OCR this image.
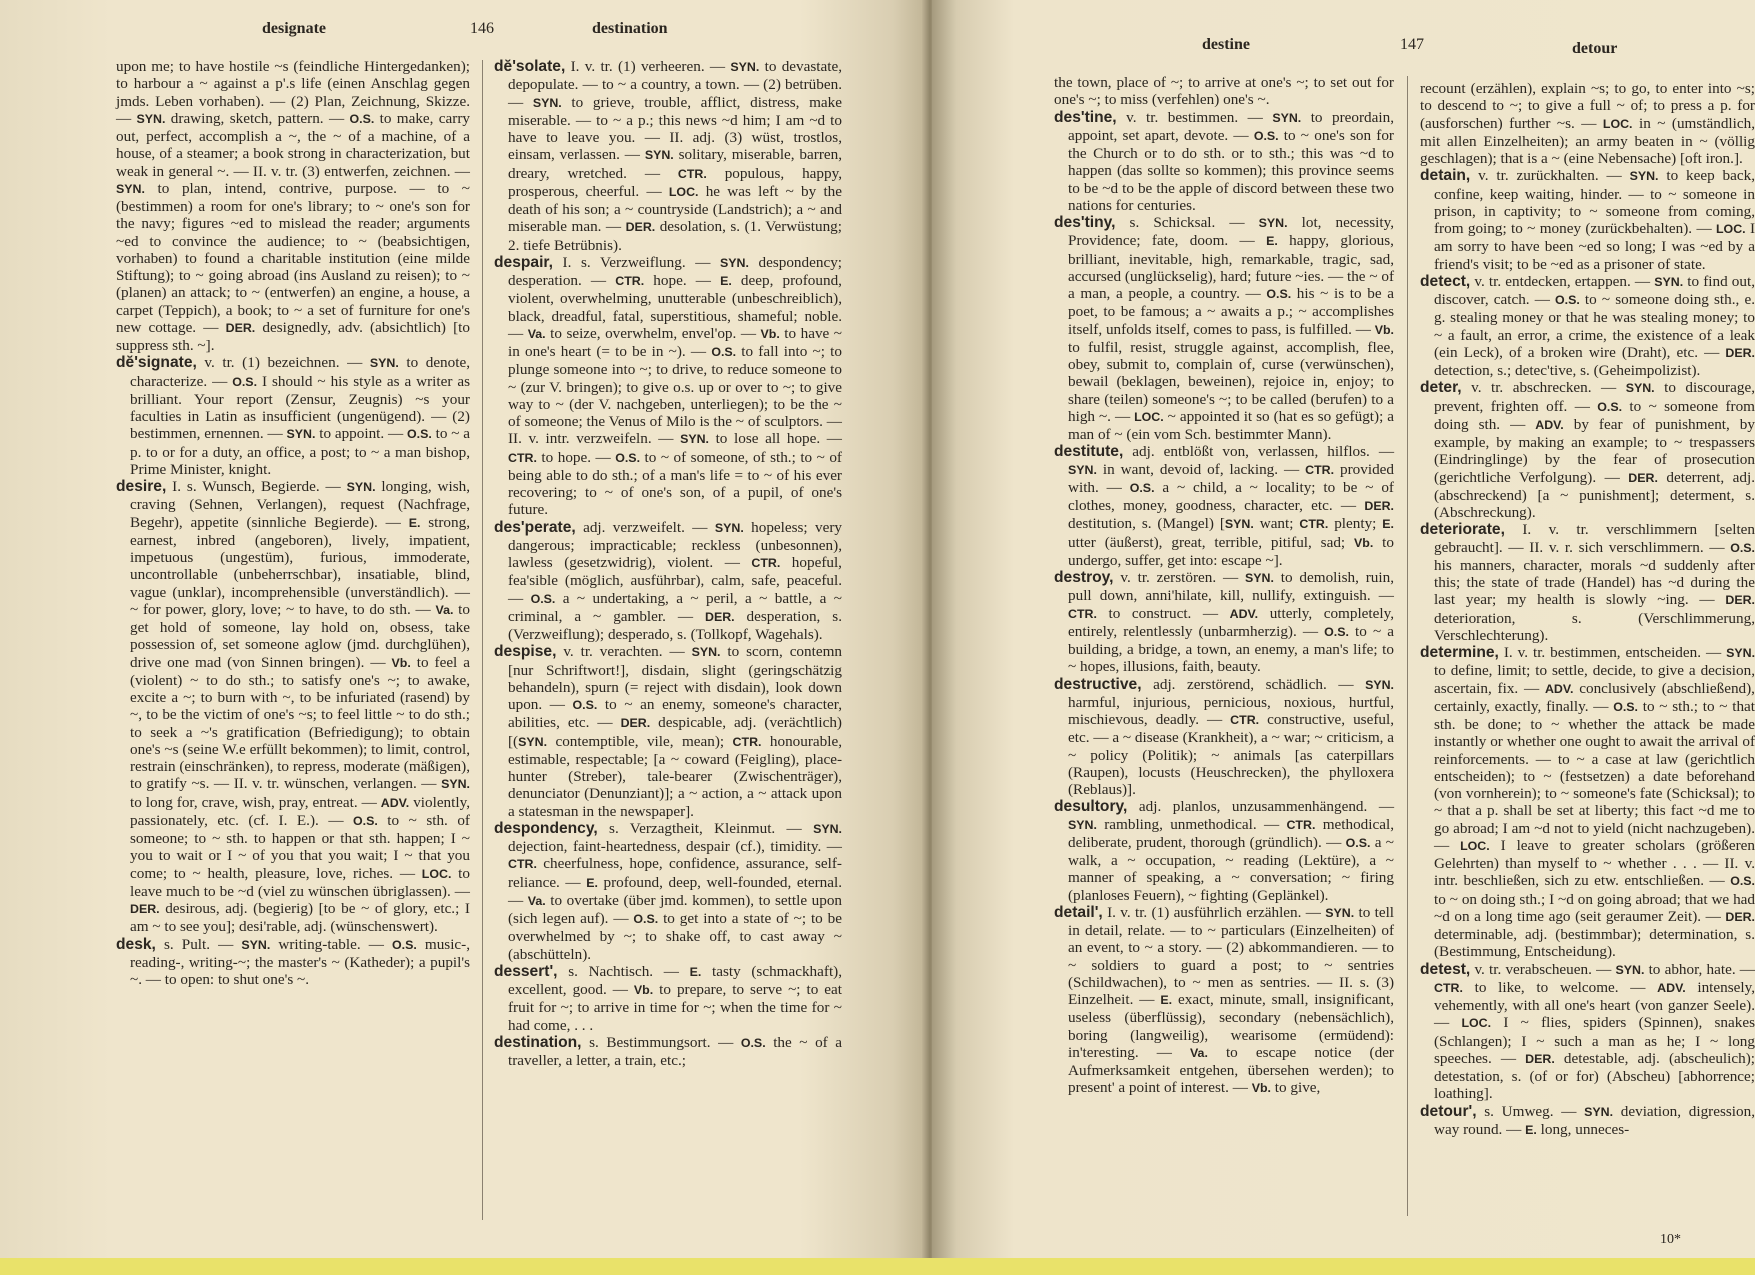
designate	146	destination

upon me; to have hostile ~s (feindliche Hintergedanken); to harbour a ~ against a p'.s life (einen Anschlag gegen jmds. Leben vorhaben). — (2) Plan, Zeichnung, Skizze. — SYN. drawing, sketch, pattern. — O.S. to make, carry out, perfect, accomplish a ~, the ~ of a machine, of a house, of a steamer; a book strong in characterization, but weak in general ~. — II. v. tr. (3) entwerfen, zeichnen. — SYN. to plan, intend, contrive, purpose. — to ~ (bestimmen) a room for one's library; to ~ one's son for the navy; figures ~ed to mislead the reader; arguments ~ed to convince the audience; to ~ (beabsichtigen, vorhaben) to found a charitable institution (eine milde Stiftung); to ~ going abroad (ins Ausland zu reisen); to ~ (planen) an attack; to ~ (entwerfen) an engine, a house, a carpet (Teppich), a book; to ~ a set of furniture for one's new cottage. — DER. designedly, adv. (absichtlich) [to suppress sth. ~].

dĕ'signate, v. tr. (1) bezeichnen. — SYN. to denote, characterize. — O.S. I should ~ his style as a writer as brilliant. Your report (Zensur, Zeugnis) ~s your faculties in Latin as insufficient (ungenügend). — (2) bestimmen, ernennen. — SYN. to appoint. — O.S. to ~ a p. to or for a duty, an office, a post; to ~ a man bishop, Prime Minister, knight.

desire, I. s. Wunsch, Begierde. — SYN. longing, wish, craving (Sehnen, Verlangen), request (Nachfrage, Begehr), appetite (sinnliche Begierde). — E. strong, earnest, inbred (angeboren), lively, impatient, impetuous (ungestüm), furious, immoderate, uncontrollable (unbeherrschbar), insatiable, blind, vague (unklar), incomprehensible (unverständlich). — ~ for power, glory, love; ~ to have, to do sth. — Va. to get hold of someone, lay hold on, obsess, take possession of, set someone aglow (jmd. durchglühen), drive one mad (von Sinnen bringen). — Vb. to feel a (violent) ~ to do sth.; to satisfy one's ~; to awake, excite a ~; to burn with ~, to be infuriated (rasend) by ~, to be the victim of one's ~s; to feel little ~ to do sth.; to seek a ~'s gratification (Befriedigung); to obtain one's ~s (seine W.e erfüllt bekommen); to limit, control, restrain (einschränken), to repress, moderate (mäßigen), to gratify ~s. — II. v. tr. wünschen, verlangen. — SYN. to long for, crave, wish, pray, entreat. — ADV. violently, passionately, etc. (cf. I. E.). — O.S. to ~ sth. of someone; to ~ sth. to happen or that sth. happen; I ~ you to wait or I ~ of you that you wait; I ~ that you come; to ~ health, pleasure, love, riches. — LOC. to leave much to be ~d (viel zu wünschen übriglassen). — DER. desirous, adj. (begierig) [to be ~ of glory, etc.; I am ~ to see you]; desi'rable, adj. (wünschenswert).

desk, s. Pult. — SYN. writing-table. — O.S. music-, reading-, writing-~; the master's ~ (Katheder); a pupil's ~. — to open: to shut one's ~.

dĕ'solate, I. v. tr. (1) verheeren. — SYN. to devastate, depopulate. — to ~ a country, a town. — (2) betrüben. — SYN. to grieve, trouble, afflict, distress, make miserable. — to ~ a p.; this news ~d him; I am ~d to have to leave you. — II. adj. (3) wüst, trostlos, einsam, verlassen. — SYN. solitary, miserable, barren, dreary, wretched. — CTR. populous, happy, prosperous, cheerful. — LOC. he was left ~ by the death of his son; a ~ countryside (Landstrich); a ~ and miserable man. — DER. desolation, s. (1. Verwüstung; 2. tiefe Betrübnis).

despair, I. s. Verzweiflung. — SYN. despondency; desperation. — CTR. hope. — E. deep, profound, violent, overwhelming, unutterable (unbeschreiblich), black, dreadful, fatal, superstitious, shameful; noble. — Va. to seize, overwhelm, envel'op. — Vb. to have ~ in one's heart (= to be in ~). — O.S. to fall into ~; to plunge someone into ~; to drive, to reduce someone to ~ (zur V. bringen); to give o.s. up or over to ~; to give way to ~ (der V. nachgeben, unterliegen); to be the ~ of someone; the Venus of Milo is the ~ of sculptors. — II. v. intr. verzweifeln. — SYN. to lose all hope. — CTR. to hope. — O.S. to ~ of someone, of sth.; to ~ of being able to do sth.; of a man's life = to ~ of his ever recovering; to ~ of one's son, of a pupil, of one's future.

des'perate, adj. verzweifelt. — SYN. hopeless; very dangerous; impracticable; reckless (unbesonnen), lawless (gesetzwidrig), violent. — CTR. hopeful, fea'sible (möglich, ausführbar), calm, safe, peaceful. — O.S. a ~ undertaking, a ~ peril, a ~ battle, a ~ criminal, a ~ gambler. — DER. desperation, s. (Verzweiflung); desperado, s. (Tollkopf, Wagehals).

despise, v. tr. verachten. — SYN. to scorn, contemn [nur Schriftwort!], disdain, slight (geringschätzig behandeln), spurn (= reject with disdain), look down upon. — O.S. to ~ an enemy, someone's character, abilities, etc. — DER. despicable, adj. (verächtlich) [(SYN. contemptible, vile, mean); CTR. honourable, estimable, respectable; [a ~ coward (Feigling), place-hunter (Streber), tale-bearer (Zwischenträger), denunciator (Denunziant)]; a ~ action, a ~ attack upon a statesman in the newspaper].

despondency, s. Verzagtheit, Kleinmut. — SYN. dejection, faint-heartedness, despair (cf.), timidity. — CTR. cheerfulness, hope, confidence, assurance, self-reliance. — E. profound, deep, well-founded, eternal. — Va. to overtake (über jmd. kommen), to settle upon (sich legen auf). — O.S. to get into a state of ~; to be overwhelmed by ~; to shake off, to cast away ~ (abschütteln).

dessert', s. Nachtisch. — E. tasty (schmackhaft), excellent, good. — Vb. to prepare, to serve ~; to eat fruit for ~; to arrive in time for ~; when the time for ~ had come, . . .

destination, s. Bestimmungsort. — O.S. the ~ of a traveller, a letter, a train, etc.;

destine	147	detour

the town, place of ~; to arrive at one's ~; to set out for one's ~; to miss (verfehlen) one's ~.

des'tine, v. tr. bestimmen. — SYN. to preordain, appoint, set apart, devote. — O.S. to ~ one's son for the Church or to do sth. or to sth.; this was ~d to happen (das sollte so kommen); this province seems to be ~d to be the apple of discord between these two nations for centuries.

des'tiny, s. Schicksal. — SYN. lot, necessity, Providence; fate, doom. — E. happy, glorious, brilliant, inevitable, high, remarkable, tragic, sad, accursed (unglückselig), hard; future ~ies. — the ~ of a man, a people, a country. — O.S. his ~ is to be a poet, to be famous; a ~ awaits a p.; ~ accomplishes itself, unfolds itself, comes to pass, is fulfilled. — Vb. to fulfil, resist, struggle against, accomplish, flee, obey, submit to, complain of, curse (verwünschen), bewail (beklagen, beweinen), rejoice in, enjoy; to share (teilen) someone's ~; to be called (berufen) to a high ~. — LOC. ~ appointed it so (hat es so gefügt); a man of ~ (ein vom Sch. bestimmter Mann).

destitute, adj. entblößt von, verlassen, hilflos. — SYN. in want, devoid of, lacking. — CTR. provided with. — O.S. a ~ child, a ~ locality; to be ~ of clothes, money, goodness, character, etc. — DER. destitution, s. (Mangel) [SYN. want; CTR. plenty; E. utter (äußerst), great, terrible, pitiful, sad; Vb. to undergo, suffer, get into: escape ~].

destroy, v. tr. zerstören. — SYN. to demolish, ruin, pull down, anni'hilate, kill, nullify, extinguish. — CTR. to construct. — ADV. utterly, completely, entirely, relentlessly (unbarmherzig). — O.S. to ~ a building, a bridge, a town, an enemy, a man's life; to ~ hopes, illusions, faith, beauty.

destructive, adj. zerstörend, schädlich. — SYN. harmful, injurious, pernicious, noxious, hurtful, mischievous, deadly. — CTR. constructive, useful, etc. — a ~ disease (Krankheit), a ~ war; ~ criticism, a ~ policy (Politik); ~ animals [as caterpillars (Raupen), locusts (Heuschrecken), the phylloxera (Reblaus)].

desultory, adj. planlos, unzusammenhängend. — SYN. rambling, unmethodical. — CTR. methodical, deliberate, prudent, thorough (gründlich). — O.S. a ~ walk, a ~ occupation, ~ reading (Lektüre), a ~ manner of speaking, a ~ conversation; ~ firing (planloses Feuern), ~ fighting (Geplänkel).

detail', I. v. tr. (1) ausführlich erzählen. — SYN. to tell in detail, relate. — to ~ particulars (Einzelheiten) of an event, to ~ a story. — (2) abkommandieren. — to ~ soldiers to guard a post; to ~ sentries (Schildwachen), to ~ men as sentries. — II. s. (3) Einzelheit. — E. exact, minute, small, insignificant, useless (überflüssig), secondary (nebensächlich), boring (langweilig), wearisome (ermüdend): in'teresting. — Va. to escape notice (der Aufmerksamkeit entgehen, übersehen werden); to present' a point of interest. — Vb. to give,

recount (erzählen), explain ~s; to go, to enter into ~s; to descend to ~; to give a full ~ of; to press a p. for (ausforschen) further ~s. — LOC. in ~ (umständlich, mit allen Einzelheiten); an army beaten in ~ (völlig geschlagen); that is a ~ (eine Nebensache) [oft iron.].

detain, v. tr. zurückhalten. — SYN. to keep back, confine, keep waiting, hinder. — to ~ someone in prison, in captivity; to ~ someone from coming, from going; to ~ money (zurückbehalten). — LOC. I am sorry to have been ~ed so long; I was ~ed by a friend's visit; to be ~ed as a prisoner of state.

detect, v. tr. entdecken, ertappen. — SYN. to find out, discover, catch. — O.S. to ~ someone doing sth., e. g. stealing money or that he was stealing money; to ~ a fault, an error, a crime, the existence of a leak (ein Leck), of a broken wire (Draht), etc. — DER. detection, s.; detec'tive, s. (Geheimpolizist).

deter, v. tr. abschrecken. — SYN. to discourage, prevent, frighten off. — O.S. to ~ someone from doing sth. — ADV. by fear of punishment, by example, by making an example; to ~ trespassers (Eindringlinge) by the fear of prosecution (gerichtliche Verfolgung). — DER. deterrent, adj. (abschreckend) [a ~ punishment]; determent, s. (Abschreckung).

deteriorate, I. v. tr. verschlimmern [selten gebraucht]. — II. v. r. sich verschlimmern. — O.S. his manners, character, morals ~d suddenly after this; the state of trade (Handel) has ~d during the last year; my health is slowly ~ing. — DER. deterioration, s. (Verschlimmerung, Verschlechterung).

determine, I. v. tr. bestimmen, entscheiden. — SYN. to define, limit; to settle, decide, to give a decision, ascertain, fix. — ADV. conclusively (abschließend), certainly, exactly, finally. — O.S. to ~ sth.; to ~ that sth. be done; to ~ whether the attack be made instantly or whether one ought to await the arrival of reinforcements. — to ~ a case at law (gerichtlich entscheiden); to ~ (festsetzen) a date beforehand (von vornherein); to ~ someone's fate (Schicksal); to ~ that a p. shall be set at liberty; this fact ~d me to go abroad; I am ~d not to yield (nicht nachzugeben). — LOC. I leave to greater scholars (größeren Gelehrten) than myself to ~ whether . . . — II. v. intr. beschließen, sich zu etw. entschließen. — O.S. to ~ on doing sth.; I ~d on going abroad; that we had ~d on a long time ago (seit geraumer Zeit). — DER. determinable, adj. (bestimmbar); determination, s. (Bestimmung, Entscheidung).

detest, v. tr. verabscheuen. — SYN. to abhor, hate. — CTR. to like, to welcome. — ADV. intensely, vehemently, with all one's heart (von ganzer Seele). — LOC. I ~ flies, spiders (Spinnen), snakes (Schlangen); I ~ such a man as he; I ~ long speeches. — DER. detestable, adj. (abscheulich); detestation, s. (of or for) (Abscheu) [abhorrence; loathing].

detour', s. Umweg. — SYN. deviation, digression, way round. — E. long, unneces-

10*
